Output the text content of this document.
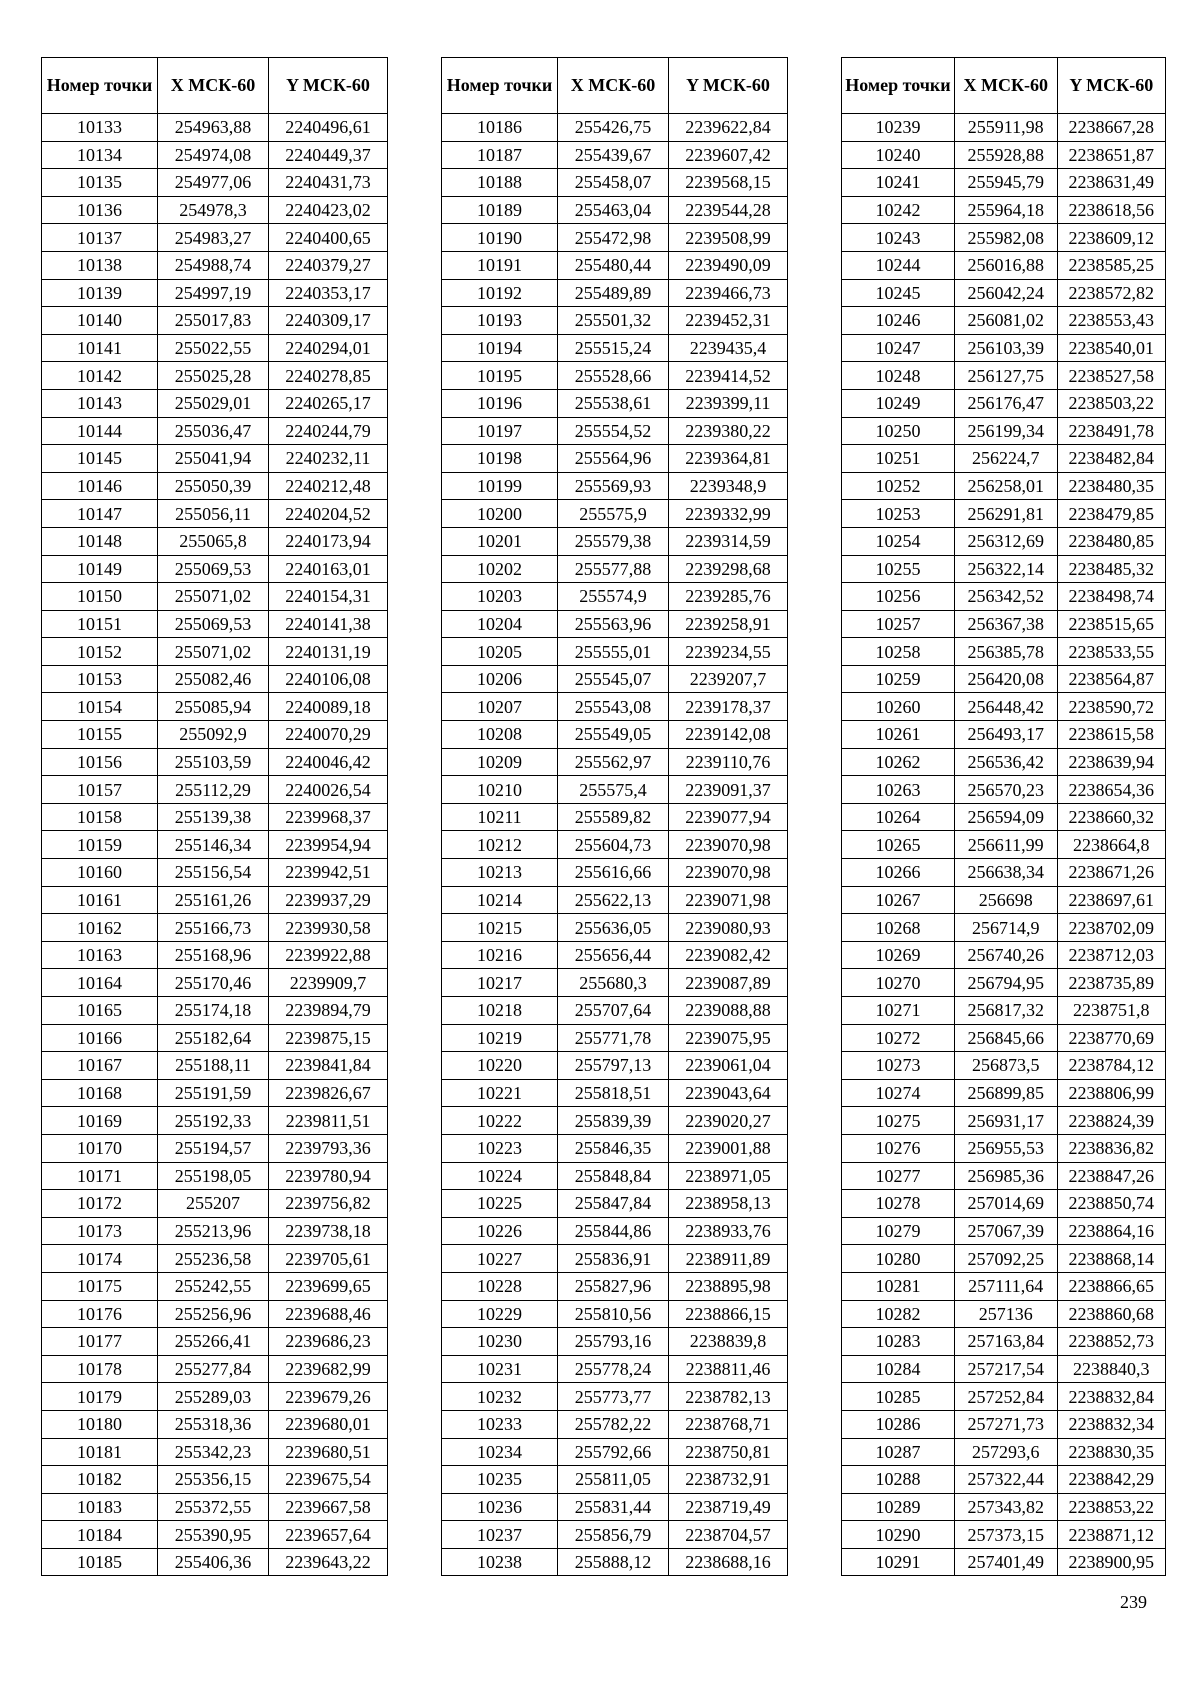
Номер точки	X МСК-60	Y МСК-60
10133	254963,88	2240496,61
10134	254974,08	2240449,37
10135	254977,06	2240431,73
10136	254978,3	2240423,02
10137	254983,27	2240400,65
10138	254988,74	2240379,27
10139	254997,19	2240353,17
10140	255017,83	2240309,17
10141	255022,55	2240294,01
10142	255025,28	2240278,85
10143	255029,01	2240265,17
10144	255036,47	2240244,79
10145	255041,94	2240232,11
10146	255050,39	2240212,48
10147	255056,11	2240204,52
10148	255065,8	2240173,94
10149	255069,53	2240163,01
10150	255071,02	2240154,31
10151	255069,53	2240141,38
10152	255071,02	2240131,19
10153	255082,46	2240106,08
10154	255085,94	2240089,18
10155	255092,9	2240070,29
10156	255103,59	2240046,42
10157	255112,29	2240026,54
10158	255139,38	2239968,37
10159	255146,34	2239954,94
10160	255156,54	2239942,51
10161	255161,26	2239937,29
10162	255166,73	2239930,58
10163	255168,96	2239922,88
10164	255170,46	2239909,7
10165	255174,18	2239894,79
10166	255182,64	2239875,15
10167	255188,11	2239841,84
10168	255191,59	2239826,67
10169	255192,33	2239811,51
10170	255194,57	2239793,36
10171	255198,05	2239780,94
10172	255207	2239756,82
10173	255213,96	2239738,18
10174	255236,58	2239705,61
10175	255242,55	2239699,65
10176	255256,96	2239688,46
10177	255266,41	2239686,23
10178	255277,84	2239682,99
10179	255289,03	2239679,26
10180	255318,36	2239680,01
10181	255342,23	2239680,51
10182	255356,15	2239675,54
10183	255372,55	2239667,58
10184	255390,95	2239657,64
10185	255406,36	2239643,22
Номер точки	X МСК-60	Y МСК-60
10186	255426,75	2239622,84
10187	255439,67	2239607,42
10188	255458,07	2239568,15
10189	255463,04	2239544,28
10190	255472,98	2239508,99
10191	255480,44	2239490,09
10192	255489,89	2239466,73
10193	255501,32	2239452,31
10194	255515,24	2239435,4
10195	255528,66	2239414,52
10196	255538,61	2239399,11
10197	255554,52	2239380,22
10198	255564,96	2239364,81
10199	255569,93	2239348,9
10200	255575,9	2239332,99
10201	255579,38	2239314,59
10202	255577,88	2239298,68
10203	255574,9	2239285,76
10204	255563,96	2239258,91
10205	255555,01	2239234,55
10206	255545,07	2239207,7
10207	255543,08	2239178,37
10208	255549,05	2239142,08
10209	255562,97	2239110,76
10210	255575,4	2239091,37
10211	255589,82	2239077,94
10212	255604,73	2239070,98
10213	255616,66	2239070,98
10214	255622,13	2239071,98
10215	255636,05	2239080,93
10216	255656,44	2239082,42
10217	255680,3	2239087,89
10218	255707,64	2239088,88
10219	255771,78	2239075,95
10220	255797,13	2239061,04
10221	255818,51	2239043,64
10222	255839,39	2239020,27
10223	255846,35	2239001,88
10224	255848,84	2238971,05
10225	255847,84	2238958,13
10226	255844,86	2238933,76
10227	255836,91	2238911,89
10228	255827,96	2238895,98
10229	255810,56	2238866,15
10230	255793,16	2238839,8
10231	255778,24	2238811,46
10232	255773,77	2238782,13
10233	255782,22	2238768,71
10234	255792,66	2238750,81
10235	255811,05	2238732,91
10236	255831,44	2238719,49
10237	255856,79	2238704,57
10238	255888,12	2238688,16
Номер точки	X МСК-60	Y МСК-60
10239	255911,98	2238667,28
10240	255928,88	2238651,87
10241	255945,79	2238631,49
10242	255964,18	2238618,56
10243	255982,08	2238609,12
10244	256016,88	2238585,25
10245	256042,24	2238572,82
10246	256081,02	2238553,43
10247	256103,39	2238540,01
10248	256127,75	2238527,58
10249	256176,47	2238503,22
10250	256199,34	2238491,78
10251	256224,7	2238482,84
10252	256258,01	2238480,35
10253	256291,81	2238479,85
10254	256312,69	2238480,85
10255	256322,14	2238485,32
10256	256342,52	2238498,74
10257	256367,38	2238515,65
10258	256385,78	2238533,55
10259	256420,08	2238564,87
10260	256448,42	2238590,72
10261	256493,17	2238615,58
10262	256536,42	2238639,94
10263	256570,23	2238654,36
10264	256594,09	2238660,32
10265	256611,99	2238664,8
10266	256638,34	2238671,26
10267	256698	2238697,61
10268	256714,9	2238702,09
10269	256740,26	2238712,03
10270	256794,95	2238735,89
10271	256817,32	2238751,8
10272	256845,66	2238770,69
10273	256873,5	2238784,12
10274	256899,85	2238806,99
10275	256931,17	2238824,39
10276	256955,53	2238836,82
10277	256985,36	2238847,26
10278	257014,69	2238850,74
10279	257067,39	2238864,16
10280	257092,25	2238868,14
10281	257111,64	2238866,65
10282	257136	2238860,68
10283	257163,84	2238852,73
10284	257217,54	2238840,3
10285	257252,84	2238832,84
10286	257271,73	2238832,34
10287	257293,6	2238830,35
10288	257322,44	2238842,29
10289	257343,82	2238853,22
10290	257373,15	2238871,12
10291	257401,49	2238900,95
239
